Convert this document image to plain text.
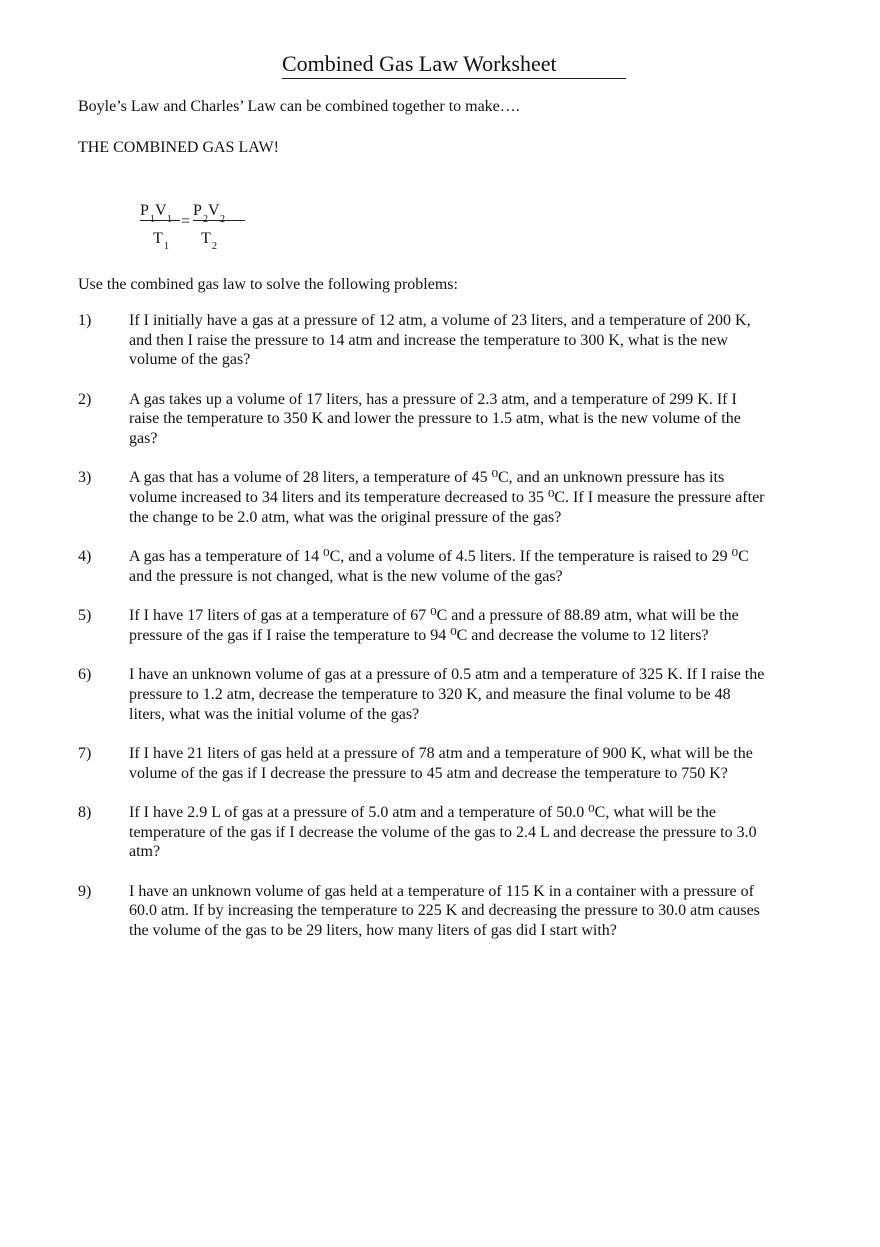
Combined Gas Law Worksheet
Boyle’s Law and Charles’ Law can be combined together to make….
THE COMBINED GAS LAW!
P V
=
P V
T 1 T 2
Use the combined gas law to solve the following problems:
1)	If I initially have a gas at a pressure of 12 atm, a volume of 23 liters, and a temperature of 200 K, and then I raise the pressure to 14 atm and increase the temperature to 300 K, what is the new volume of the gas?
2)	A gas takes up a volume of 17 liters, has a pressure of 2.3 atm, and a temperature of 299 K. If I raise the temperature to 350 K and lower the pressure to 1.5 atm, what is the new volume of the gas?
3)	A gas that has a volume of 28 liters, a temperature of 45 ⁰C, and an unknown pressure has its volume increased to 34 liters and its temperature decreased to 35 ⁰C. If I measure the pressure after the change to be 2.0 atm, what was the original pressure of the gas?
4)	A gas has a temperature of 14 ⁰C, and a volume of 4.5 liters. If the temperature is raised to 29 ⁰C and the pressure is not changed, what is the new volume of the gas?
5)	If I have 17 liters of gas at a temperature of 67 ⁰C and a pressure of 88.89 atm, what will be the pressure of the gas if I raise the temperature to 94 ⁰C and decrease the volume to 12 liters?
6)	I have an unknown volume of gas at a pressure of 0.5 atm and a temperature of 325 K. If I raise the pressure to 1.2 atm, decrease the temperature to 320 K, and measure the final volume to be 48 liters, what was the initial volume of the gas?
7)	If I have 21 liters of gas held at a pressure of 78 atm and a temperature of 900 K, what will be the volume of the gas if I decrease the pressure to 45 atm and decrease the temperature to 750 K?
8)	If I have 2.9 L of gas at a pressure of 5.0 atm and a temperature of 50.0 ⁰C, what will be the temperature of the gas if I decrease the volume of the gas to 2.4 L and decrease the pressure to 3.0 atm?
9)	I have an unknown volume of gas held at a temperature of 115 K in a container with a pressure of 60.0 atm. If by increasing the temperature to 225 K and decreasing the pressure to 30.0 atm causes the volume of the gas to be 29 liters, how many liters of gas did I start with?
